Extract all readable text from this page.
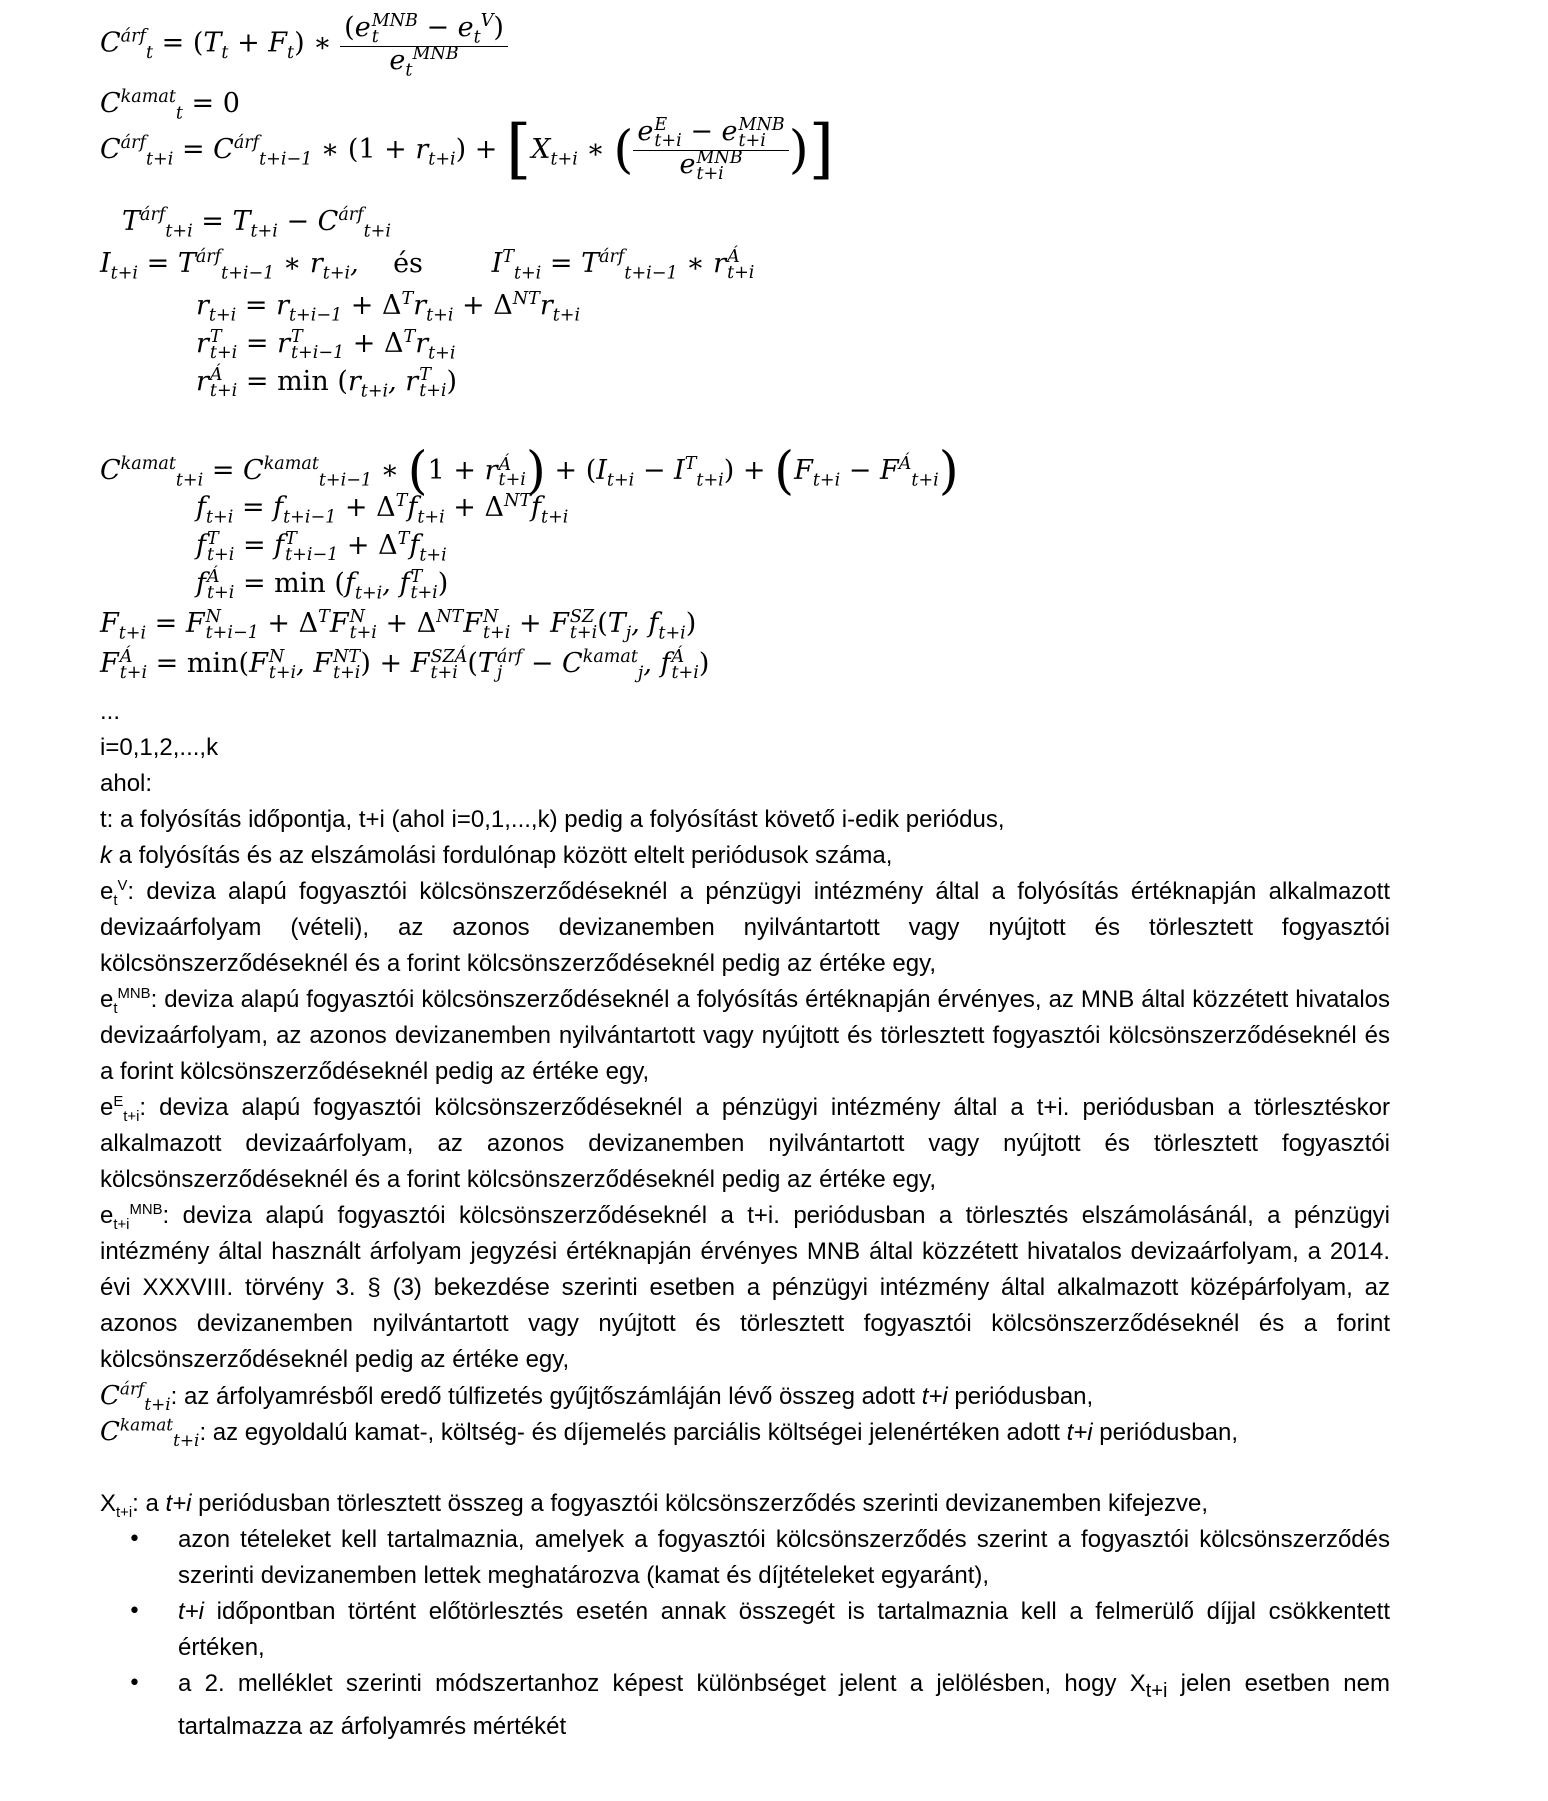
$C^{árf}_t = (T_t + F_t)$ ∗ (e MNB
t	− $e_t^V$)
$e_t^{MNB}$
$C^{kamat}_t = 0$
$C^{árf}_{t+i} = C^{árf}_{t+i-1}$ ∗ $(1 + r_{t+i}) + [X_{t+i}$ ∗ ( e E
t+i − e MNB
t+i
e MNB
t+i )]
$T^{árf}_{t+i} = T_{t+i} - C^{árf}_{t+i}$
$I_{t+i} = T^{árf}_{t+i-1}$ ∗ $r_{t+i}$,    és        $I^T_{t+i} = T^{árf}_{t+i-1}$ ∗ r Á
t+i
$r_{t+i} = r_{t+i-1} + \Delta^Tr_{t+i} + \Delta^{NT}r_{t+i}$
r T
t+i = r T
$t+i-1 + \Delta^Tr_{t+i}$
r Á
$t+i = \min (r_{t+i}$, r T
t+i )
$C^{kamat}_{t+i} = C^{kamat}_{t+i-1}$ ∗ (1 + r Á
t+i ) + $(I_{t+i} - I^T_{t+i}) + (F_{t+i} - F^Á_{t+i})$
$f_{t+i} = f_{t+i-1} + \Delta^Tf_{t+i} + \Delta^{NT}f_{t+i}$
f T
t+i = f T
$t+i-1 + \Delta^Tf_{t+i}$
f Á
$t+i = \min (f_{t+i}$, f T
t+i )
$F_{t+i} = F$ N
$t+i-1 + \Delta^TF$ N
$t+i + \Delta^{NT}F$ N
t+i + F SZ
t+i ($T_j$, $f_{t+i}$)
F Á
t+i = min(F N
t+i , F NT
t+i ) + F SZÁ
t+i (T árf
j	− $C^{kamat}_j$, f Á
t+i )
...
i=0,1,2,...,k
ahol:
t: a folyósítás időpontja, t+i (ahol i=0,1,...,k) pedig a folyósítást követő i-edik periódus,
k a folyósítás és az elszámolási fordulónap között eltelt periódusok száma,
$e_t^V$: deviza alapú fogyasztói kölcsönszerződéseknél a pénzügyi intézmény által a folyósítás értéknapján alkalmazott devizaárfolyam (vételi), az azonos devizanemben nyilvántartott vagy nyújtott és törlesztett fogyasztói kölcsönszerződéseknél és a forint kölcsönszerződéseknél pedig az értéke egy,
$e_t^{MNB}$: deviza alapú fogyasztói kölcsönszerződéseknél a folyósítás értéknapján érvényes, az MNB által közzétett hivatalos devizaárfolyam, az azonos devizanemben nyilvántartott vagy nyújtott és törlesztett fogyasztói kölcsönszerződéseknél és a forint kölcsönszerződéseknél pedig az értéke egy,
$e^E_{t+i}$: deviza alapú fogyasztói kölcsönszerződéseknél a pénzügyi intézmény által a t+i. periódusban a törlesztéskor alkalmazott devizaárfolyam, az azonos devizanemben nyilvántartott vagy nyújtott és törlesztett fogyasztói kölcsönszerződéseknél és a forint kölcsönszerződéseknél pedig az értéke egy,
$e_{t+i}^{MNB}$: deviza alapú fogyasztói kölcsönszerződéseknél a t+i. periódusban a törlesztés elszámolásánál, a pénzügyi intézmény által használt árfolyam jegyzési értéknapján érvényes MNB által közzétett hivatalos devizaárfolyam, a 2014. évi XXXVIII. törvény 3. § (3) bekezdése szerinti esetben a pénzügyi intézmény által alkalmazott középárfolyam, az azonos devizanemben nyilvántartott vagy nyújtott és törlesztett fogyasztói kölcsönszerződéseknél és a forint kölcsönszerződéseknél pedig az értéke egy,
$C^{árf}_{t+i}$: az árfolyamrésből eredő túlfizetés gyűjtőszámláján lévő összeg adott t+i periódusban,
$C^{kamat}_{t+i}$: az egyoldalú kamat-, költség- és díjemelés parciális költségei jelenértéken adott t+i periódusban,
$X_{t+i}$: a t+i periódusban törlesztett összeg a fogyasztói kölcsönszerződés szerinti devizanemben kifejezve,
• azon tételeket kell tartalmaznia, amelyek a fogyasztói kölcsönszerződés szerint a fogyasztói kölcsönszerződés szerinti devizanemben lettek meghatározva (kamat és díjtételeket egyaránt),
• t+i időpontban történt előtörlesztés esetén annak összegét is tartalmaznia kell a felmerülő díjjal csökkentett értéken,
• a 2. melléklet szerinti módszertanhoz képest különbséget jelent a jelölésben, hogy $X_{t+i}$ jelen esetben nem tartalmazza az árfolyamrés mértékét
